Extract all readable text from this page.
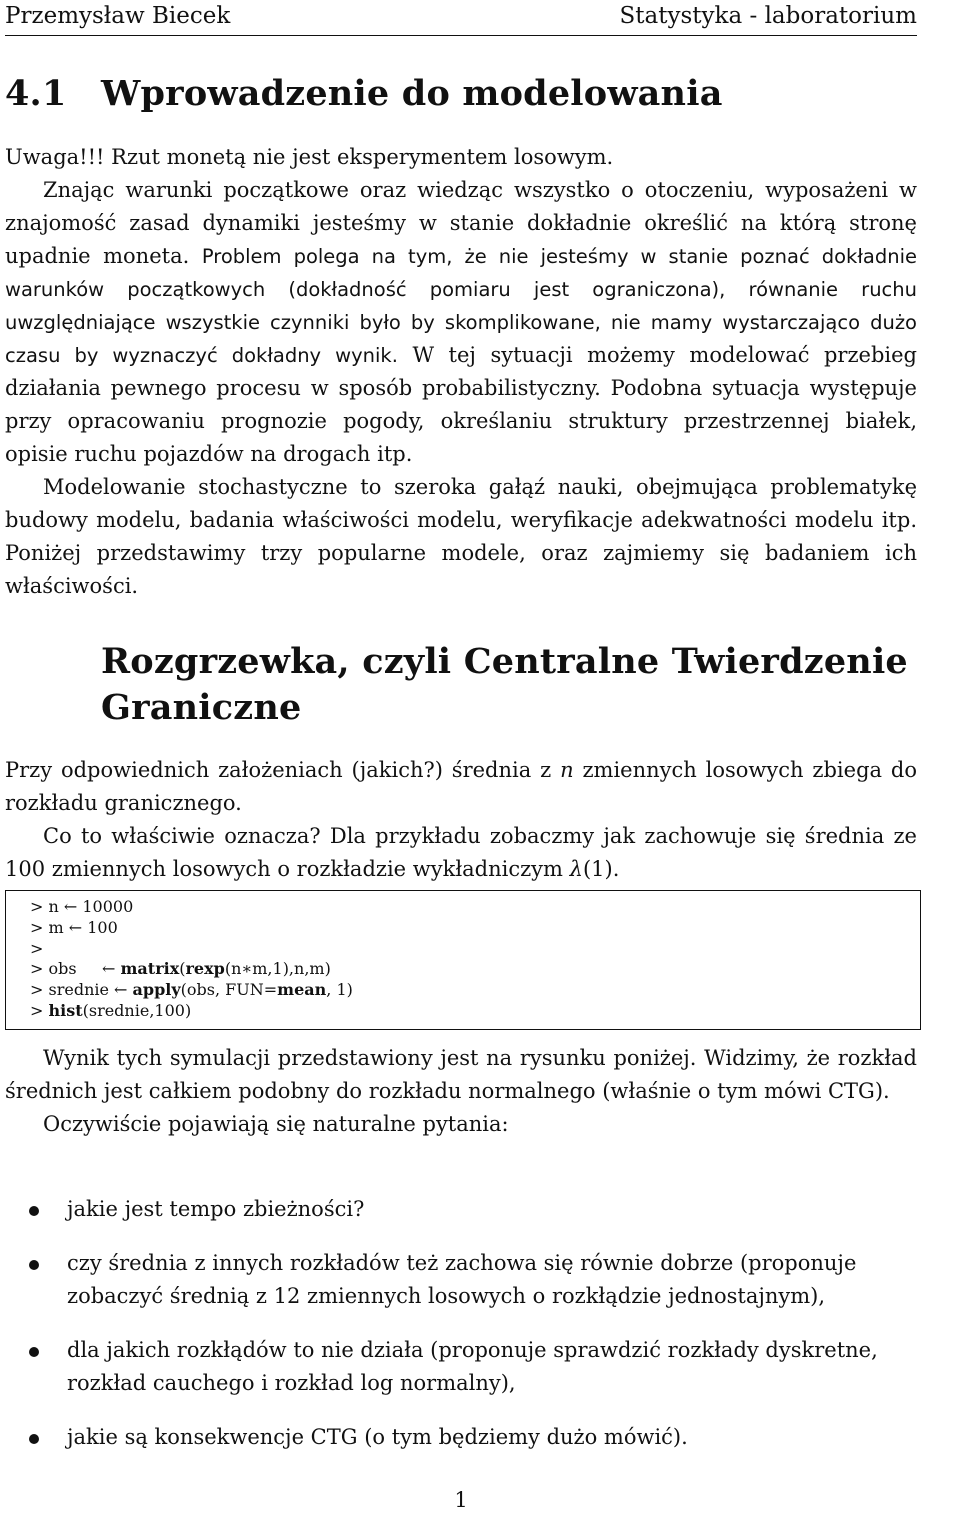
Przemysław Biecek	Statystyka - laboratorium
4.1 Wprowadzenie do modelowania

Uwaga!!! Rzut monetą nie jest eksperymentem losowym.

Znając warunki początkowe oraz wiedząc wszystko o otoczeniu, wyposażeni w znajomość zasad dynamiki jesteśmy w stanie dokładnie określić na którą stronę upadnie moneta. Problem polega na tym, że nie jesteśmy w stanie poznać dokładnie warunków początkowych (dokładność pomiaru jest ograniczona), równanie ruchu uwzględniające wszystkie czynniki było by skomplikowane, nie mamy wystarczająco dużo czasu by wyznaczyć dokładny wynik. W tej sytuacji możemy modelować przebieg działania pewnego procesu w sposób probabilistyczny. Podobna sytuacja występuje przy opracowaniu prognozie pogody, określaniu struktury przestrzennej białek, opisie ruchu pojazdów na drogach itp.

Modelowanie stochastyczne to szeroka gałąź nauki, obejmująca problematykę budowy modelu, badania właściwości modelu, weryfikacje adekwatności modelu itp. Poniżej przedstawimy trzy popularne modele, oraz zajmiemy się badaniem ich właściwości.

Rozgrzewka, czyli Centralne Twierdzenie Graniczne

Przy odpowiednich założeniach (jakich?) średnia z n zmiennych losowych zbiega do rozkładu granicznego.

Co to właściwie oznacza? Dla przykładu zobaczmy jak zachowuje się średnia ze 100 zmiennych losowych o rozkładzie wykładniczym λ(1).

> n ← 10000
> m ← 100
>
> obs     ← matrix(rexp(n∗m,1),n,m)
> srednie ← apply(obs, FUN=mean, 1)
> hist(srednie,100)

Wynik tych symulacji przedstawiony jest na rysunku poniżej. Widzimy, że rozkład średnich jest całkiem podobny do rozkładu normalnego (właśnie o tym mówi CTG).

Oczywiście pojawiają się naturalne pytania:

jakie jest tempo zbieżności?
czy średnia z innych rozkładów też zachowa się równie dobrze (proponuje zobaczyć średnią z 12 zmiennych losowych o rozkłądzie jednostajnym),
dla jakich rozkłądów to nie działa (proponuje sprawdzić rozkłady dyskretne, rozkład cauchego i rozkład log normalny),
jakie są konsekwencje CTG (o tym będziemy dużo mówić).
1
